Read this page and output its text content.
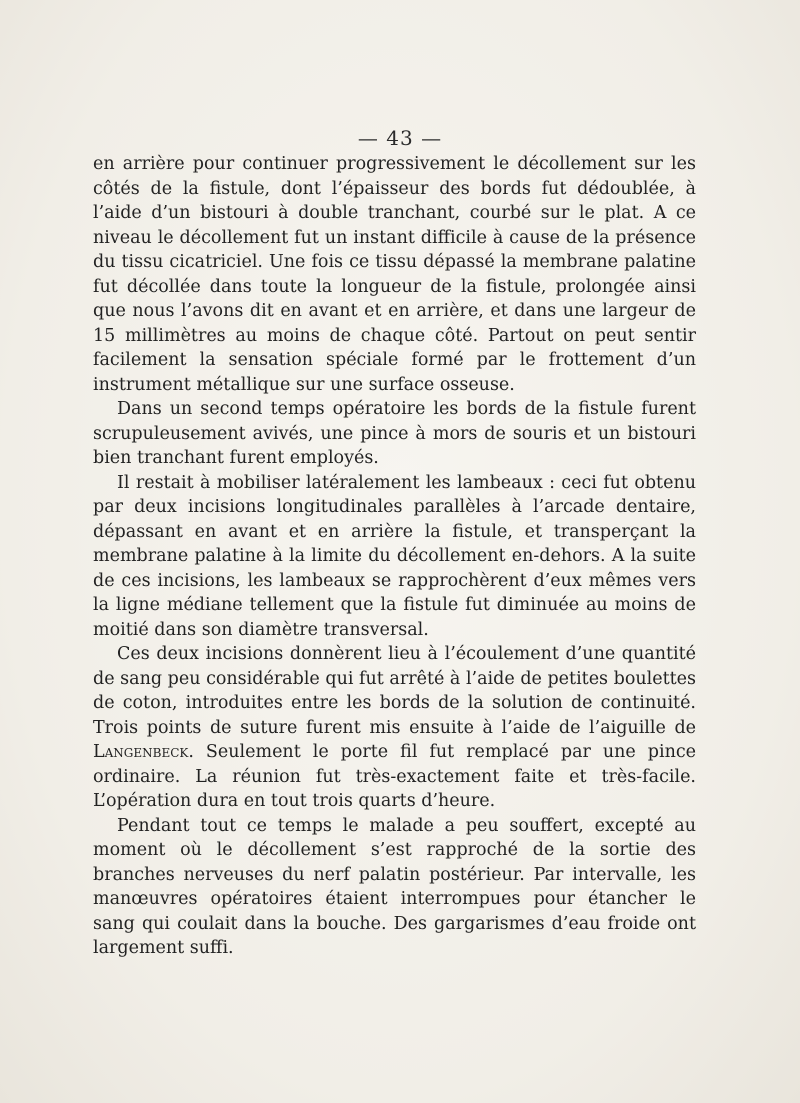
— 43 —

en arrière pour continuer progressivement le décollement sur les côtés de la fistule, dont l’épaisseur des bords fut dédoublée, à l’aide d’un bistouri à double tranchant, courbé sur le plat. A ce niveau le décollement fut un instant difficile à cause de la présence du tissu cicatriciel. Une fois ce tissu dépassé la membrane palatine fut décollée dans toute la longueur de la fistule, prolongée ainsi que nous l’avons dit en avant et en arrière, et dans une largeur de 15 millimètres au moins de chaque côté. Partout on peut sentir facilement la sensation spéciale formé par le frottement d’un instrument métallique sur une surface osseuse.

Dans un second temps opératoire les bords de la fistule furent scrupuleusement avivés, une pince à mors de souris et un bistouri bien tranchant furent employés.

Il restait à mobiliser latéralement les lambeaux : ceci fut obtenu par deux incisions longitudinales parallèles à l’arcade dentaire, dépassant en avant et en arrière la fistule, et transperçant la membrane palatine à la limite du décollement en-dehors. A la suite de ces incisions, les lambeaux se rapprochèrent d’eux mêmes vers la ligne médiane tellement que la fistule fut diminuée au moins de moitié dans son diamètre transversal.

Ces deux incisions donnèrent lieu à l’écoulement d’une quantité de sang peu considérable qui fut arrêté à l’aide de petites boulettes de coton, introduites entre les bords de la solution de continuité. Trois points de suture furent mis ensuite à l’aide de l’aiguille de Langenbeck. Seulement le porte fil fut remplacé par une pince ordinaire. La réunion fut très-exactement faite et très-facile. L’opération dura en tout trois quarts d’heure.

Pendant tout ce temps le malade a peu souffert, excepté au moment où le décollement s’est rapproché de la sortie des branches nerveuses du nerf palatin postérieur. Par intervalle, les manœuvres opératoires étaient interrompues pour étancher le sang qui coulait dans la bouche. Des gargarismes d’eau froide ont largement suffi.
